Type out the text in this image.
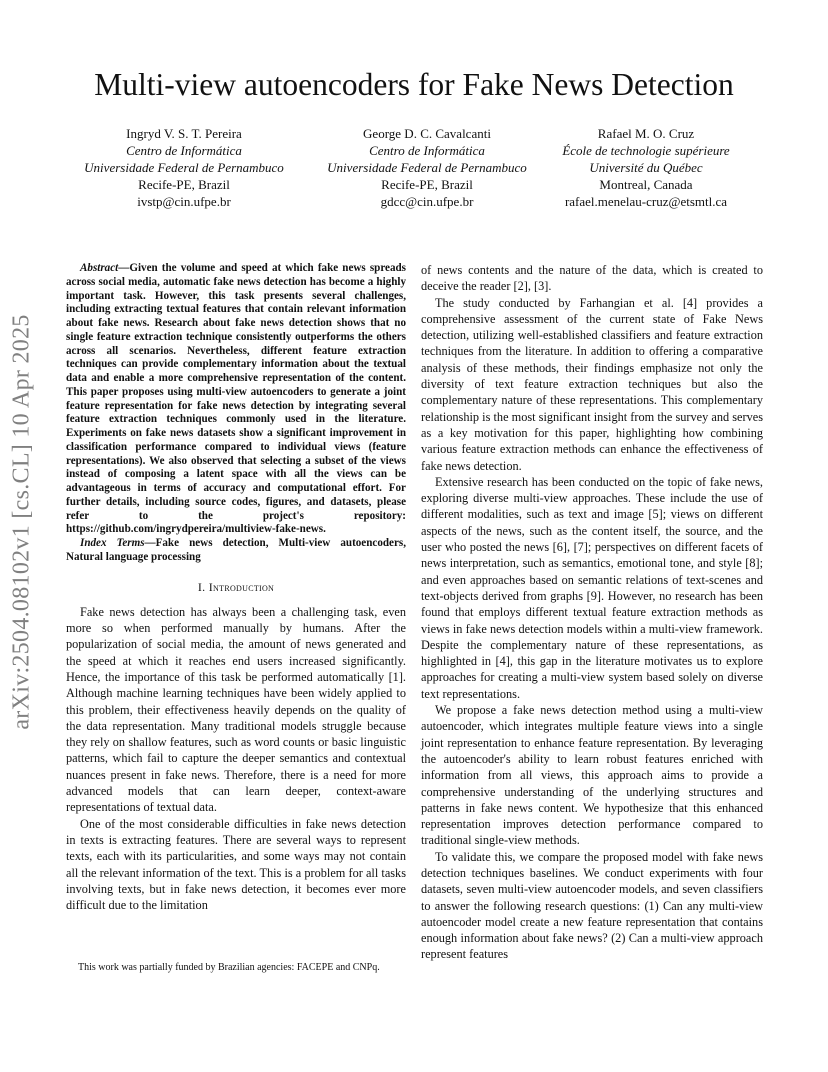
arXiv:2504.08102v1 [cs.CL] 10 Apr 2025
Multi-view autoencoders for Fake News Detection
Ingryd V. S. T. Pereira
Centro de Informática
Universidade Federal de Pernambuco
Recife-PE, Brazil
ivstp@cin.ufpe.br
George D. C. Cavalcanti
Centro de Informática
Universidade Federal de Pernambuco
Recife-PE, Brazil
gdcc@cin.ufpe.br
Rafael M. O. Cruz
École de technologie supérieure
Université du Québec
Montreal, Canada
rafael.menelau-cruz@etsmtl.ca

Abstract—Given the volume and speed at which fake news spreads across social media, automatic fake news detection has become a highly important task. However, this task presents several challenges, including extracting textual features that contain relevant information about fake news. Research about fake news detection shows that no single feature extraction technique consistently outperforms the others across all scenarios. Nevertheless, different feature extraction techniques can provide complementary information about the textual data and enable a more comprehensive representation of the content. This paper proposes using multi-view autoencoders to generate a joint feature representation for fake news detection by integrating several feature extraction techniques commonly used in the literature. Experiments on fake news datasets show a significant improvement in classification performance compared to individual views (feature representations). We also observed that selecting a subset of the views instead of composing a latent space with all the views can be advantageous in terms of accuracy and computational effort. For further details, including source codes, figures, and datasets, please refer to the project's repository: https://github.com/ingrydpereira/multiview-fake-news.

Index Terms—Fake news detection, Multi-view autoencoders, Natural language processing

I. Introduction

Fake news detection has always been a challenging task, even more so when performed manually by humans. After the popularization of social media, the amount of news generated and the speed at which it reaches end users increased significantly. Hence, the importance of this task be performed automatically [1]. Although machine learning techniques have been widely applied to this problem, their effectiveness heavily depends on the quality of the data representation. Many traditional models struggle because they rely on shallow features, such as word counts or basic linguistic patterns, which fail to capture the deeper semantics and contextual nuances present in fake news. Therefore, there is a need for more advanced models that can learn deeper, context-aware representations of textual data.

One of the most considerable difficulties in fake news detection in texts is extracting features. There are several ways to represent texts, each with its particularities, and some ways may not contain all the relevant information of the text. This is a problem for all tasks involving texts, but in fake news detection, it becomes ever more difficult due to the limitation

of news contents and the nature of the data, which is created to deceive the reader [2], [3].

The study conducted by Farhangian et al. [4] provides a comprehensive assessment of the current state of Fake News detection, utilizing well-established classifiers and feature extraction techniques from the literature. In addition to offering a comparative analysis of these methods, their findings emphasize not only the diversity of text feature extraction techniques but also the complementary nature of these representations. This complementary relationship is the most significant insight from the survey and serves as a key motivation for this paper, highlighting how combining various feature extraction methods can enhance the effectiveness of fake news detection.

Extensive research has been conducted on the topic of fake news, exploring diverse multi-view approaches. These include the use of different modalities, such as text and image [5]; views on different aspects of the news, such as the content itself, the source, and the user who posted the news [6], [7]; perspectives on different facets of news interpretation, such as semantics, emotional tone, and style [8]; and even approaches based on semantic relations of text-scenes and text-objects derived from graphs [9]. However, no research has been found that employs different textual feature extraction methods as views in fake news detection models within a multi-view framework. Despite the complementary nature of these representations, as highlighted in [4], this gap in the literature motivates us to explore approaches for creating a multi-view system based solely on diverse text representations.

We propose a fake news detection method using a multi-view autoencoder, which integrates multiple feature views into a single joint representation to enhance feature representation. By leveraging the autoencoder's ability to learn robust features enriched with information from all views, this approach aims to provide a comprehensive understanding of the underlying structures and patterns in fake news content. We hypothesize that this enhanced representation improves detection performance compared to traditional single-view methods.

To validate this, we compare the proposed model with fake news detection techniques baselines. We conduct experiments with four datasets, seven multi-view autoencoder models, and seven classifiers to answer the following research questions: (1) Can any multi-view autoencoder model create a new feature representation that contains enough information about fake news? (2) Can a multi-view approach represent features

This work was partially funded by Brazilian agencies: FACEPE and CNPq.
